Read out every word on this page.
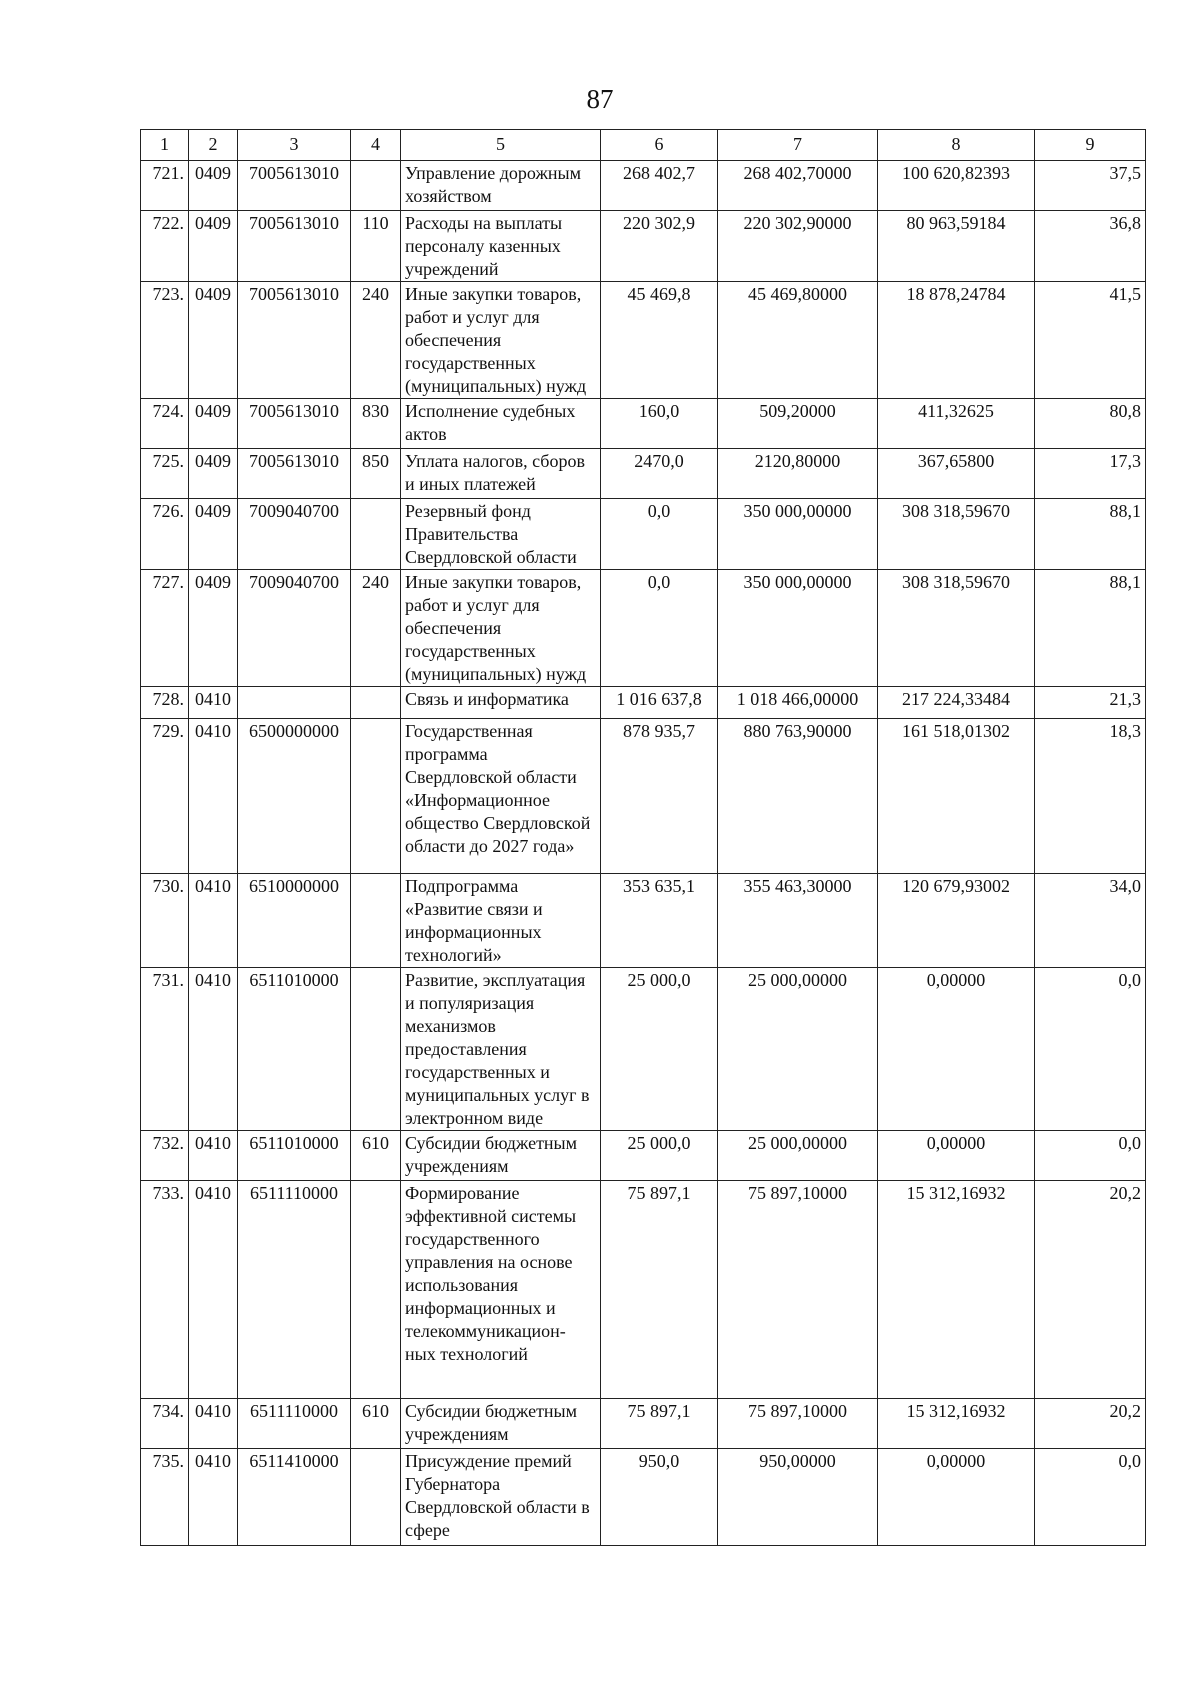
87
1	2	3	4	5	6	7	8	9
721.	0409	7005613010		Управление дорожным хозяйством	268 402,7	268 402,70000	100 620,82393	37,5
722.	0409	7005613010	110	Расходы на выплаты персоналу казенных учреждений	220 302,9	220 302,90000	80 963,59184	36,8
723.	0409	7005613010	240	Иные закупки товаров, работ и услуг для обеспечения государственных (муниципальных) нужд	45 469,8	45 469,80000	18 878,24784	41,5
724.	0409	7005613010	830	Исполнение судебных актов	160,0	509,20000	411,32625	80,8
725.	0409	7005613010	850	Уплата налогов, сборов и иных платежей	2470,0	2120,80000	367,65800	17,3
726.	0409	7009040700		Резервный фонд Правительства Свердловской области	0,0	350 000,00000	308 318,59670	88,1
727.	0409	7009040700	240	Иные закупки товаров, работ и услуг для обеспечения государственных (муниципальных) нужд	0,0	350 000,00000	308 318,59670	88,1
728.	0410			Связь и информатика	1 016 637,8	1 018 466,00000	217 224,33484	21,3
729.	0410	6500000000		Государственная программа Свердловской области «Информационное общество Свердловской области до 2027 года»	878 935,7	880 763,90000	161 518,01302	18,3
730.	0410	6510000000		Подпрограмма «Развитие связи и информационных технологий»	353 635,1	355 463,30000	120 679,93002	34,0
731.	0410	6511010000		Развитие, эксплуатация и популяризация механизмов предоставления государственных и муниципальных услуг в электронном виде	25 000,0	25 000,00000	0,00000	0,0
732.	0410	6511010000	610	Субсидии бюджетным учреждениям	25 000,0	25 000,00000	0,00000	0,0
733.	0410	6511110000		Формирование эффективной системы государственного управления на основе использования информационных и телекоммуникацион-ных технологий	75 897,1	75 897,10000	15 312,16932	20,2
734.	0410	6511110000	610	Субсидии бюджетным учреждениям	75 897,1	75 897,10000	15 312,16932	20,2
735.	0410	6511410000		Присуждение премий Губернатора Свердловской области в сфере	950,0	950,00000	0,00000	0,0
